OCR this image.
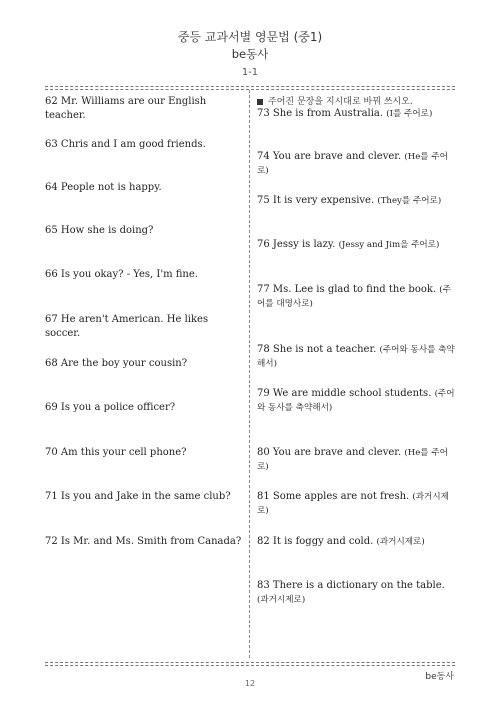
중등 교과서별 영문법 (중1)
be동사
1-1
주어진 문장을 지시대로 바꿔 쓰시오.
62 Mr. Williams are our English teacher.
63 Chris and I am good friends.
64 People not is happy.
65 How she is doing?
66 Is you okay? - Yes, I'm fine.
67 He aren't American. He likes soccer.
68 Are the boy your cousin?
69 Is you a police officer?
70 Am this your cell phone?
71 Is you and Jake in the same club?
72 Is Mr. and Ms. Smith from Canada?
73 She is from Australia. (I를 주어로)
74 You are brave and clever. (He를 주어로)
75 It is very expensive. (They를 주어로)
76 Jessy is lazy. (Jessy and Jim을 주어로)
77 Ms. Lee is glad to find the book. (주어를 대명사로)
78 She is not a teacher. (주어와 동사를 축약해서)
79 We are middle school students. (주어와 동사를 축약해서)
80 You are brave and clever. (He를 주어로)
81 Some apples are not fresh. (과거시제로)
82 It is foggy and cold. (과거시제로)
83 There is a dictionary on the table. (과거시제로)
be동사
12
